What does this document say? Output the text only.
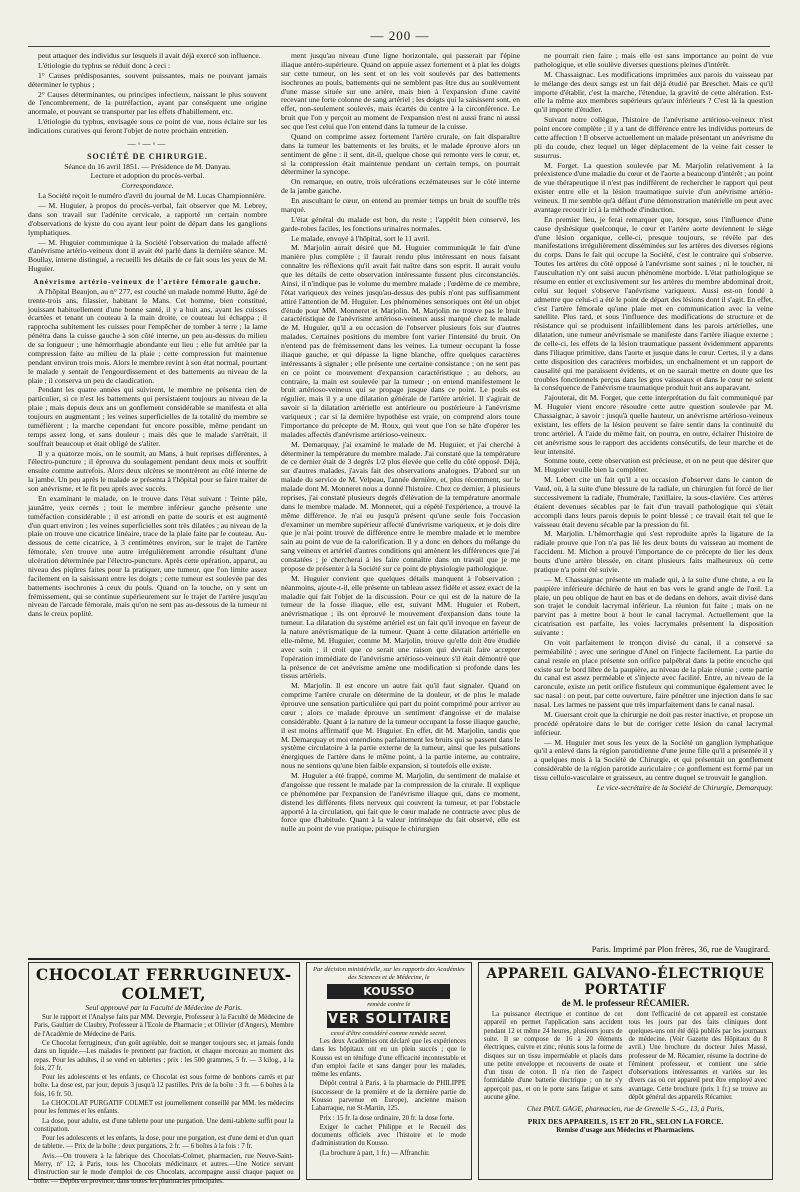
— 200 —

peut attaquer des individus sur lesquels il avait déjà exercé son influence.

L'étiologie du typhus se réduit donc à ceci :

1° Causes prédisposantes, souvent puissantes, mais ne pouvant jamais déterminer le typhus ;

2° Causes déterminantes, ou principes infectieux, naissant le plus souvent de l'encombrement, de la putréfaction, ayant par conséquent une origine anormale, et pouvant se transporter par les effets d'habillement, etc.

L'étiologie du typhus, envisagée sous ce point de vue, nous éclaire sur les indications curatives qui feront l'objet de notre prochain entretien.

—◦—◦—

SOCIÉTÉ DE CHIRURGIE.

Séance du 16 avril 1851. — Présidence de M. Danyau.

Lecture et adoption du procès-verbal.

Correspondance.

La Société reçoit le numéro d'avril du journal de M. Lucas Championnière.

— M. Huguier, à propos du procès-verbal, fait observer que M. Lebrey, dans son travail sur l'adénite cervicale, a rapporté un certain nombre d'observations de kyste du cou ayant leur point de départ dans les ganglions lymphatiques.

— M. Huguier communique à la Société l'observation du malade affecté d'anévrisme artério-veineux dont il avait été parlé dans la dernière séance. M. Boullay, interne distingué, a recueilli les détails de ce fait sous les yeux de M. Huguier.

Anévrisme artério-veineux de l'artère fémorale gauche.

A l'hôpital Beaujon, au n° 277, est couché un malade nommé Hutte, âgé de trente-trois ans, filassier, habitant le Mans. Cet homme, bien constitué, jouissant habituellement d'une bonne santé, il y a huit ans, ayant les cuisses écartées et tenant un couteau à la main droite, ce couteau lui échappa ; il rapprocha subitement les cuisses pour l'empêcher de tomber à terre ; la lame pénétra dans la cuisse gauche à son côté interne, un peu au-dessus du milieu de sa longueur ; une hémorrhagie abondante eut lieu ; elle fut arrêtée par la compression faite au milieu de la plaie ; cette compression fut maintenue pendant environ trois mois. Alors le membre revint à son état normal, pourtant le malade y sentait de l'engourdissement et des battements au niveau de la plaie ; il conserva un peu de claudication.

Pendant les quatre années qui suivirent, le membre ne présenta rien de particulier, si ce n'est les battements qui persistaient toujours au niveau de la plaie ; mais depuis deux ans un gonflement considérable se manifesta et alla toujours en augmentant ; les veines superficielles de la totalité du membre se tuméfièrent ; la marche cependant fut encore possible, même pendant un temps assez long, et sans douleur ; mais dès que le malade s'arrêtait, il souffrait beaucoup et était obligé de s'aliter.

Il y a quatorze mois, on le soumit, au Mans, à huit reprises différentes, à l'électro-puncture ; il éprouva du soulagement pendant deux mois et souffrit ensuite comme autrefois. Alors deux ulcères se montrèrent au côté interne de la jambe. Un peu après le malade se présenta à l'hôpital pour se faire traiter de son anévrisme, et le fit peu après avec succès.

En examinant le malade, on le trouve dans l'état suivant : Teinte pâle, jaunâtre, yeux cernés ; tout le membre inférieur gauche présente une tuméfaction considérable ; il est arrondi en patte de souris et est augmenté d'un quart environ ; les veines superficielles sont très dilatées ; au niveau de la plaie on trouve une cicatrice linéaire, trace de la plaie faite par le couteau. Au-dessous de cette cicatrice, à 3 centimètres environ, sur le trajet de l'artère fémorale, s'en trouve une autre irrégulièrement arrondie résultant d'une ulcération déterminée par l'électro-puncture. Après cette opération, apparut, au niveau des piqûres faites pour la pratiquer, une tumeur, que l'on limite assez facilement en la saisissant entre les doigts ; cette tumeur est soulevée par des battements isochrones à ceux du pouls. Quand on la touche, on y sent un frémissement, qui se continue supérieurement sur le trajet de l'artère jusqu'au niveau de l'arcade fémorale, mais qu'on ne sent pas au-dessous de la tumeur ni dans le creux poplité.

ment jusqu'au niveau d'une ligne horizontale, qui passerait par l'épine iliaque antéro-supérieure. Quand on appuie assez fortement et à plat les doigts sur cette tumeur, on les sent et on les voit soulevés par des battements isochrones au pouls, battements qui ne semblent pas être dus au soulèvement d'une masse située sur une artère, mais bien à l'expansion d'une cavité recevant une forte colonne de sang artériel ; les doigts qui la saisissent sont, en effet, non-seulement soulevés, mais écartés du centre à la circonférence. Le bruit que l'on y perçoit au moment de l'expansion n'est ni aussi franc ni aussi sec que l'est celui que l'on entend dans la tumeur de la cuisse.

Quand on comprime assez fortement l'artère crurale, on fait disparaître dans la tumeur les battements et les bruits, et le malade éprouve alors un sentiment de gêne : il sent, dit-il, quelque chose qui remonte vers le cœur, et, si la compression était maintenue pendant un certain temps, on pourrait déterminer la syncope.

On remarque, en outre, trois ulcérations eczémateuses sur le côté interne de la jambe gauche.

En auscultant le cœur, on entend au premier temps un bruit de souffle très marqué.

L'état général du malade est bon, du reste ; l'appétit bien conservé, les garde-robes faciles, les fonctions urinaires normales.

Le malade, envoyé à l'hôpital, sort le 11 avril.

M. Marjolin aurait désiré que M. Huguier communiquât le fait d'une manière plus complète ; il faurait rendu plus intéressant en nous faisant connaître les réflexions qu'il avait fait naître dans son esprit. Il aurait voulu que les détails de cette observation intéressante fussent plus circonstanciés. Ainsi, il n'indique pas le volume du membre malade ; l'œdème de ce membre, l'état variqueux des veines jusqu'au-dessus des pubis n'ont pas suffisamment attiré l'attention de M. Huguier. Les phénomènes sensoriques ont été un objet d'étude pour MM. Monneret et Marjolin. M. Marjolin ne trouve pas le bruit caractéristique de l'anévrisme artérioso-veineux aussi marqué chez le malade de M. Huguier, qu'il a eu occasion de l'observer plusieurs fois sur d'autres malades. Certaines positions du membre font varier l'intensité du bruit. On n'entend pas de frémissement dans les veines. La tumeur occupant la fosse iliaque gauche, et qui dépasse la ligne blanche, offre quelques caractères intéressants à signaler ; elle présente une certaine consistance ; on ne sent pas en ce point ce mouvement d'expansion caractéristique ; au dehors, au contraire, la main est soulevée par la tumeur ; on entend manifestement le bruit artérioso-veineux qui se propage jusque dans ce point. Le pouls est régulier, mais il y a une dilatation générale de l'artère artériel. Il s'agirait de savoir si la dilatation artérielle est antérieure ou postérieure à l'anévrisme variqueux ; car si la dernière hypothèse est vraie, on comprend alors toute l'importance du précepte de M. Roux, qui veut que l'on se hâte d'opérer les malades affectés d'anévrisme artérioso-veineux.

M. Demarquay, j'ai examiné le malade de M. Huguier, et j'ai cherché à déterminer la température du membre malade. J'ai constaté que la température de ce dernier était de 3 degrés 1/2 plus élevée que celle du côté opposé. Déjà, sur d'autres malades, j'avais fait des observations analogues. D'abord sur un malade du service de M. Velpeau, l'année dernière, et, plus récemment, sur le malade dont M. Monneret nous a donné l'histoire. Chez ce dernier, à plusieurs reprises, j'ai constaté plusieurs degrés d'élévation de la température anormale dans le membre malade. M. Monneret, qui a répété l'expérience, a trouvé la même différence. Je n'ai eu jusqu'à présent qu'une seule fois l'occasion d'examiner un membre supérieur affecté d'anévrisme variqueux, et je dois dire que je n'ai point trouvé de différence entre le membre malade et le membre sain au point de vue de la calorification. Il y a donc en dehors du mélange du sang veineux et artériel d'autres conditions qui amènent les différences que j'ai constatées ; je chercherai à les faire connaître dans un travail que je me propose de présenter à la Société sur ce point de physiologie pathologique.

M. Huguier convient que quelques détails manquent à l'observation ; néanmoins, ajoute-t-il, elle présente un tableau assez fidèle et assez exact de la maladie qui fait l'objet de la discussion. Pour ce qui est de la nature de la tumeur de la fosse iliaque, elle est, suivant MM. Huguier et Robert, anévrismatique ; ils ont éprouvé le mouvement d'expansion dans toute la tumeur. La dilatation du système artériel est un fait qu'il invoque en faveur de la nature anévrismatique de la tumeur. Quant à cette dilatation artérielle en elle-même, M. Huguier, comme M. Marjolin, trouve qu'elle doit être étudiée avec soin ; il croit que ce serait une raison qui devrait faire accepter l'opération immédiate de l'anévrisme artérioso-veineux s'il était démontré que la présence de cet anévrisme amène une modification si profonde dans les tissus artériels.

M. Marjolin. Il est encore un autre fait qu'il faut signaler. Quand on comprime l'artère crurale on détermine de la douleur, et de plus le malade éprouve une sensation particulière qui part du point comprimé pour arriver au cœur ; alors ce malade éprouve un sentiment d'angoisse et de malaise considérable. Quant à la nature de la tumeur occupant la fosse iliaque gauche, il est moins affirmatif que M. Huguier. En effet, dit M. Marjolin, tandis que M. Demarquay et moi entendions parfaitement les bruits qui se passent dans le système circulatoire à la partie externe de la tumeur, ainsi que les pulsations énergiques de l'artère dans le même point, à la partie interne, au contraire, nous ne sentions qu'une bien faible expansion, si toutefois elle existe.

M. Huguier a été frappé, comme M. Marjolin, du sentiment de malaise et d'angoisse que ressent le malade par la compression de la crurale. Il explique ce phénomène par l'expansion de l'anévrisme iliaque qui, dans ce moment, distend les différents filets nerveux qui couvrent la tumeur, et par l'obstacle apporté à la circulation, qui fait que le cœur malade ne contracte avec plus de force que d'habitude. Quant à la valeur intrinsèque du fait observé, elle est nulle au point de vue pratique, puisque le chirurgien

ne pourrait rien faire ; mais elle est sans importance au point de vue pathologique, et elle soulève diverses questions pleines d'intérêt.

M. Chassaignac. Les modifications imprimées aux parois du vaisseau par le mélange des deux sangs est un fait déjà étudié par Breschet. Mais ce qu'il importe d'établir, c'est la marche, l'étendue, la gravité de cette altération. Est-elle la même aux membres supérieurs qu'aux inférieurs ? C'est là la question qu'il importe d'étudier.

Suivant notre collègue, l'histoire de l'anévrisme artérioso-veineux n'est point encore complète ; il y a tant de différence entre les individus porteurs de cette affection ! Il observe actuellement un malade présentant un anévrisme du pli du coude, chez lequel un léger déplacement de la veine fait cesser le susurrus.

M. Forget. La question soulevée par M. Marjolin relativement à la préexistence d'une maladie du cœur et de l'aorte a beaucoup d'intérêt ; au point de vue thérapeutique il n'est pas indifférent de rechercher le rapport qui peut exister entre elle et la lésion traumatique suivie d'un anévrisme artério-veineux. Il me semble qu'à défaut d'une démonstration matérielle on peut avec avantage recourir ici à la méthode d'induction.

En premier lieu, je ferai remarquer que, lorsque, sous l'influence d'une cause dyshésique quelconque, le cœur et l'artère aorte deviennent le siège d'une lésion organique, celle-ci, presque toujours, se révèle par des manifestations irrégulièrement disséminées sur les artères des diverses régions du corps. Dans le fait qui occupe la Société, c'est le contraire qui s'observe. Toutes les artères du côté opposé à l'anévrisme sont saines ; ni le toucher, ni l'auscultation n'y ont saisi aucun phénomène morbide. L'état pathologique se résume en entier et exclusivement sur les artères du membre abdominal droit, celui sur lequel s'observe l'anévrisme variqueux. Aussi est-on fondé à admettre que celui-ci a été le point de départ des lésions dont il s'agit. En effet, c'est l'artère fémorale qu'une plaie met en communication avec la veine satellite. Plus tard, et sous l'influence des modifications de structure et de résistance qui se produisent infailliblement dans les parois artérielles, une dilatation, une tumeur anévrismale se manifeste dans l'artère iliaque externe ; de celle-ci, les effets de la lésion traumatique passent évidemment apparents dans l'iliaque primitive, dans l'aorte et jusque dans le cœur. Certes, il y a dans cette disposition des caractères morbides, un enchaînement et un rapport de causalité qui me paraissent évidents, et on ne saurait mettre en doute que les troubles fonctionnels perçus dans les gros vaisseaux et dans le cœur ne soient la conséquence de l'anévrisme traumatique produit huit ans auparavant.

J'ajouterai, dit M. Forget, que cette interprétation du fait communiqué par M. Huguier vient encore résoudre cette autre question soulevée par M. Chassaignac, à savoir : jusqu'à quelle hauteur, un anévrisme artérioso-veineux existant, les effets de la lésion peuvent se faire sentir dans la continuité du tronc artériel. À l'aide du même fait, on pourra, en outre, éclairer l'histoire de cet anévrisme sous le rapport des accidents consécutifs, de leur marche et de leur intensité.

Somme toute, cette observation est précieuse, et on ne peut que désirer que M. Huguier veuille bien la compléter.

M. Lebert cite un fait qu'il a eu occasion d'observer dans le canton de Vaud, où, à la suite d'une blessure de la radiale, un chirurgien fut forcé de lier successivement la radiale, l'humérale, l'axillaire, la sous-clavière. Ces artères étaient devenues sécables par le fait d'un travail pathologique qui s'était accompli dans leurs parois depuis le point blessé ; ce travail était tel que le vaisseau était devenu sécable par la pression du fil.

M. Marjolin. L'hémorrhagie qui s'est reproduite après la ligature de la radiale prouve que l'on n'a pas lié les deux bouts du vaisseau au moment de l'accident. M. Michon a prouvé l'importance de ce précepte de lier les deux bouts d'une artère blessée, en citant plusieurs faits malheureux où cette pratique n'a point été suivie.

— M. Chassaignac présente un malade qui, à la suite d'une chute, a eu la paupière inférieure déchirée de haut en bas vers le grand angle de l'œil. La plaie, un peu oblique de haut en bas et de dedans en dehors, avait divisé dans son trajet le conduit lacrymal inférieur. La réunion fut faite ; mais on ne parvint pas à mettre bout à bout le canal lacrymal. Actuellement que la cicatrisation est parfaite, les voies lacrymales présentent la disposition suivante :

On voit parfaitement le tronçon divisé du canal, il a conservé sa perméabilité ; avec une seringue d'Anel on l'injecte facilement. La partie du canal restée en place présente son orifice palpébral dans la petite encoche qui existe sur le bord libre de la paupière, au niveau de la plaie réunie ; cette partie du canal est assez perméable et s'injecte avec facilité. Entre, au niveau de la caroncule, existe un petit orifice fistuleux qui communique également avec le sac nasal : on peut, par cette ouverture, faire pénétrer une injection dans le sac nasal. Les larmes ne passent que très imparfaitement dans le canal nasal.

M. Guersant croit que la chirurgie ne doit pas rester inactive, et propose un procédé opératoire dans le but de corriger cette lésion du canal lacrymal inférieur.

— M. Huguier met sous les yeux de la Société un ganglion lymphatique qu'il a enlevé dans la région parotidienne d'une jeune fille qu'il a présentée il y a quelques mois à la Société de Chirurgie, et qui présentait un gonflement considérable de la région parotide auriculaire ; ce gonflement est formé par un tissu cellulo-vasculaire et graisseux, au centre duquel se trouvait le ganglion.

Le vice-secrétaire de la Société de Chirurgie, Demarquay.

Paris. Imprimé par Plon frères, 36, rue de Vaugirard.
CHOCOLAT FERRUGINEUX-COLMET,
Seul approuvé par la Faculté de Médecine de Paris.

Sur le rapport et l'Analyse faits par MM. Devergie, Professeur à la Faculté de Médecine de Paris, Gaultier de Claubry, Professeur à l'Ecole de Pharmacie ; et Ollivier (d'Angers), Membre de l'Académie de Médecine de Paris.

Ce Chocolat ferrugineux, d'un goût agréable, doit se manger toujours sec, et jamais fondu dans un liquide.—Les malades le prennent par fraction, et chaque morceau au moment des repas. Pour les adultes, il se vend en tablettes ; prix : les 500 grammes, 5 fr. — 3 kilog., à la fois, 27 fr.

Pour les adolescents et les enfants, ce Chocolat est sous forme de bonbons carrés et par boîte. La dose est, par jour, depuis 3 jusqu'à 12 pastilles. Prix de la boîte : 3 fr. — 6 boîtes à la fois, 16 fr. 50.

Le CHOCOLAT PURGATIF COLMET est journellement conseillé par MM. les médecins pour les femmes et les enfants.

La dose, pour adulte, est d'une tablette pour une purgation. Une demi-tablette suffit pour la constipation.

Pour les adolescents et les enfants, la dose, pour une purgation, est d'une demi et d'un quart de tablette. — Prix de la boîte : deux purgations, 2 fr. — 6 boîtes à la fois : 7 fr.

Avis.—On trouvera à la fabrique des Chocolats-Colmet, pharmacien, rue Neuve-Saint-Merry, n° 12, à Paris, tous les Chocolats médicinaux et autres.—Une Notice servant d'instruction sur le mode d'emploi de ces Chocolats, accompagne aussi chaque paquet ou boîte. — Dépôts en province, dans toutes les pharmacies principales.

Par décision ministérielle, sur les rapports des Académies des Sciences et de Médecine, le
KOUSSO
remède contre le
VER SOLITAIRE
cessé d'être considéré comme remède secret.

Les deux Académies ont déclaré que les expériences dans les hôpitaux ont eu un plein succès ; que le Kousso est un ténifuge d'une efficacité incontestable et d'un emploi facile et sans danger pour les malades, même les enfants.

Dépôt central à Paris, à la pharmacie de PHILIPPE (successeur de la première et de la dernière partie de Kousso parvenue en Europe), ancienne maison Labarraque, rue St-Martin, 125.

Prix : 15 fr. la dose ordinaire, 20 fr. la dose forte.

Exiger le cachet Philippe et le Recueil des documents officiels avec l'histoire et le mode d'administration du Kousso.

(La brochure à part, 1 fr.) — Affranchir.

APPAREIL GALVANO-ÉLECTRIQUE PORTATIF
de M. le professeur RÉCAMIER.

La puissance électrique et continue de cet appareil en permet l'application sans accident pendant 12 et même 24 heures, plusieurs jours de suite. Il se compose de 16 à 20 éléments électriques, cuivre et zinc, réunis sous la forme de disques sur un tissu imperméable et placés dans une petite enveloppe et recouverts de ouate et d'un tissu de coton. Il n'a rien de l'aspect formidable d'une batterie électrique ; on ne s'y apperçoit pas, et on le porte sans fatigue et sans aucune gêne.

dont l'efficacité de cet appareil est constatée tous les jours par des faits cliniques dont quelques-uns ont été déjà publiés par les journaux de médecine. (Voir Gazette des Hôpitaux du 8 avril.) Une brochure du docteur Jules Massé, professeur de M. Récamier, résume la doctrine de l'éminent professeur, et contient une série d'observations intéressantes et variées sur les divers cas où cet appareil peut être employé avec avantage. Cette brochure (prix 1 fr.) se trouve au dépôt général des appareils Récamier.

Chez PAUL GAGE, pharmacien, rue de Grenelle S.-G., 13, à Paris,
PRIX DES APPAREILS, 15 ET 20 FR., SELON LA FORCE.
Remise d'usage aux Médecins et Pharmaciens.
